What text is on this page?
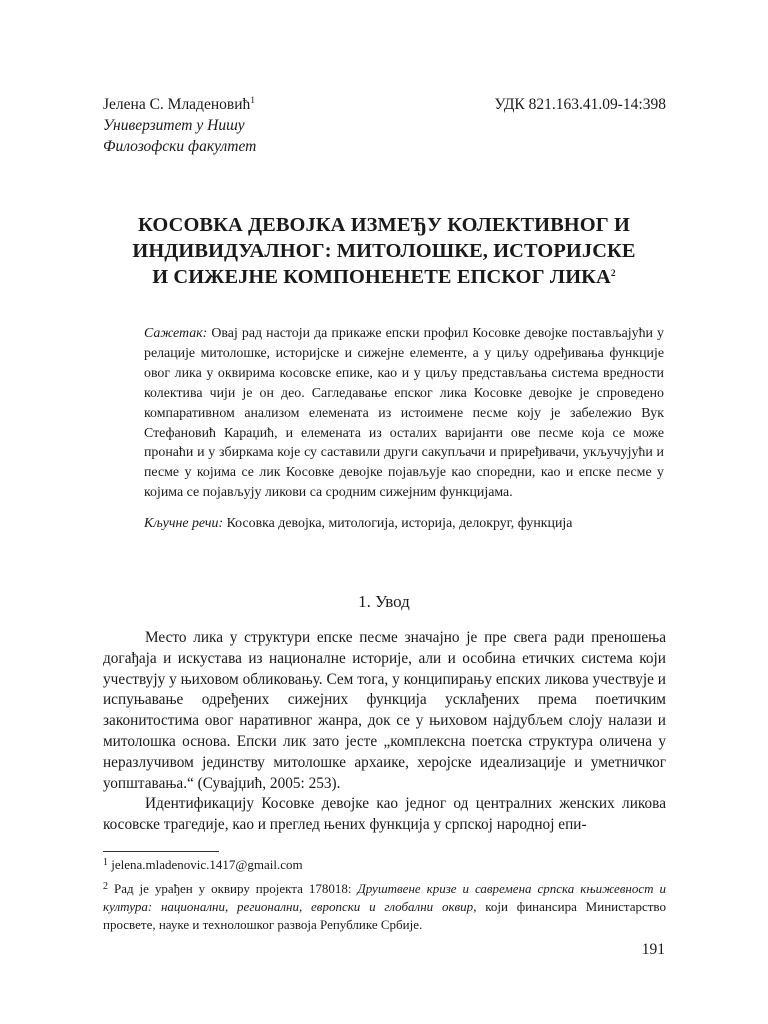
Јелена С. Младеновић$^1$
Универзитет у Нишу
Филозофски факултет
УДК 821.163.41.09-14:398
КОСОВКА ДЕВОЈКА ИЗМЕЂУ КОЛЕКТИВНОГ И
ИНДИВИДУАЛНОГ: МИТОЛОШКЕ, ИСТОРИЈСКЕ
И СИЖЕЈНЕ КОМПОНЕНЕТЕ ЕПСКОГ ЛИКА$^2$
Сажетак: Овај рад настоји да прикаже епски профил Косовке девојке постављајући у релације митолошке, историјске и сижејне елементе, а у циљу одређивања функције овог лика у оквирима косовске епике, као и у циљу представљања система вредности колектива чији је он део. Сагледавање епског лика Косовке девојке је спроведено компаративном анализом елемената из истоимене песме коју је забележио Вук Стефановић Караџић, и елемената из осталих варијанти ове песме која се може пронаћи и у збиркама које су саставили други сакупљачи и приређивачи, укључујући и песме у којима се лик Косовке девојке појављује као споредни, као и епске песме у којима се појављују ликови са сродним сижејним функцијама.
Кључне речи: Косовка девојка, митологија, историја, делокруг, функција
1. Увод

Место лика у структури епске песме значајно је пре свега ради преношења догађаја и искустава из националне историје, али и особина етичких система који учествују у њиховом обликовању. Сем тога, у конципирању епских ликова учествује и испуњавање одређених сижејних функција усклађених према поетичким законитостима овог наративног жанра, док се у њиховом најдубљем слоју налази и митолошка основа. Епски лик зато јесте „комплексна поетска структура оличена у неразлучивом јединству митолошке архаике, херојске идеализације и уметничког уопштавања.“ (Сувајџић, 2005: 253).

Идентификацију Косовке девојке као једног од централних женских ликова косовске трагедије, као и преглед њених функција у српској народној епи-

$^1$ jelena.mladenovic.1417@gmail.com
$^2$ Рад је урађен у оквиру пројекта 178018: Друштвене кризе и савремена српска књижевност и култура: национални, регионални, европски и глобални оквир, који финансира Министарство просвете, науке и технолошког развоја Републике Србије.
191
